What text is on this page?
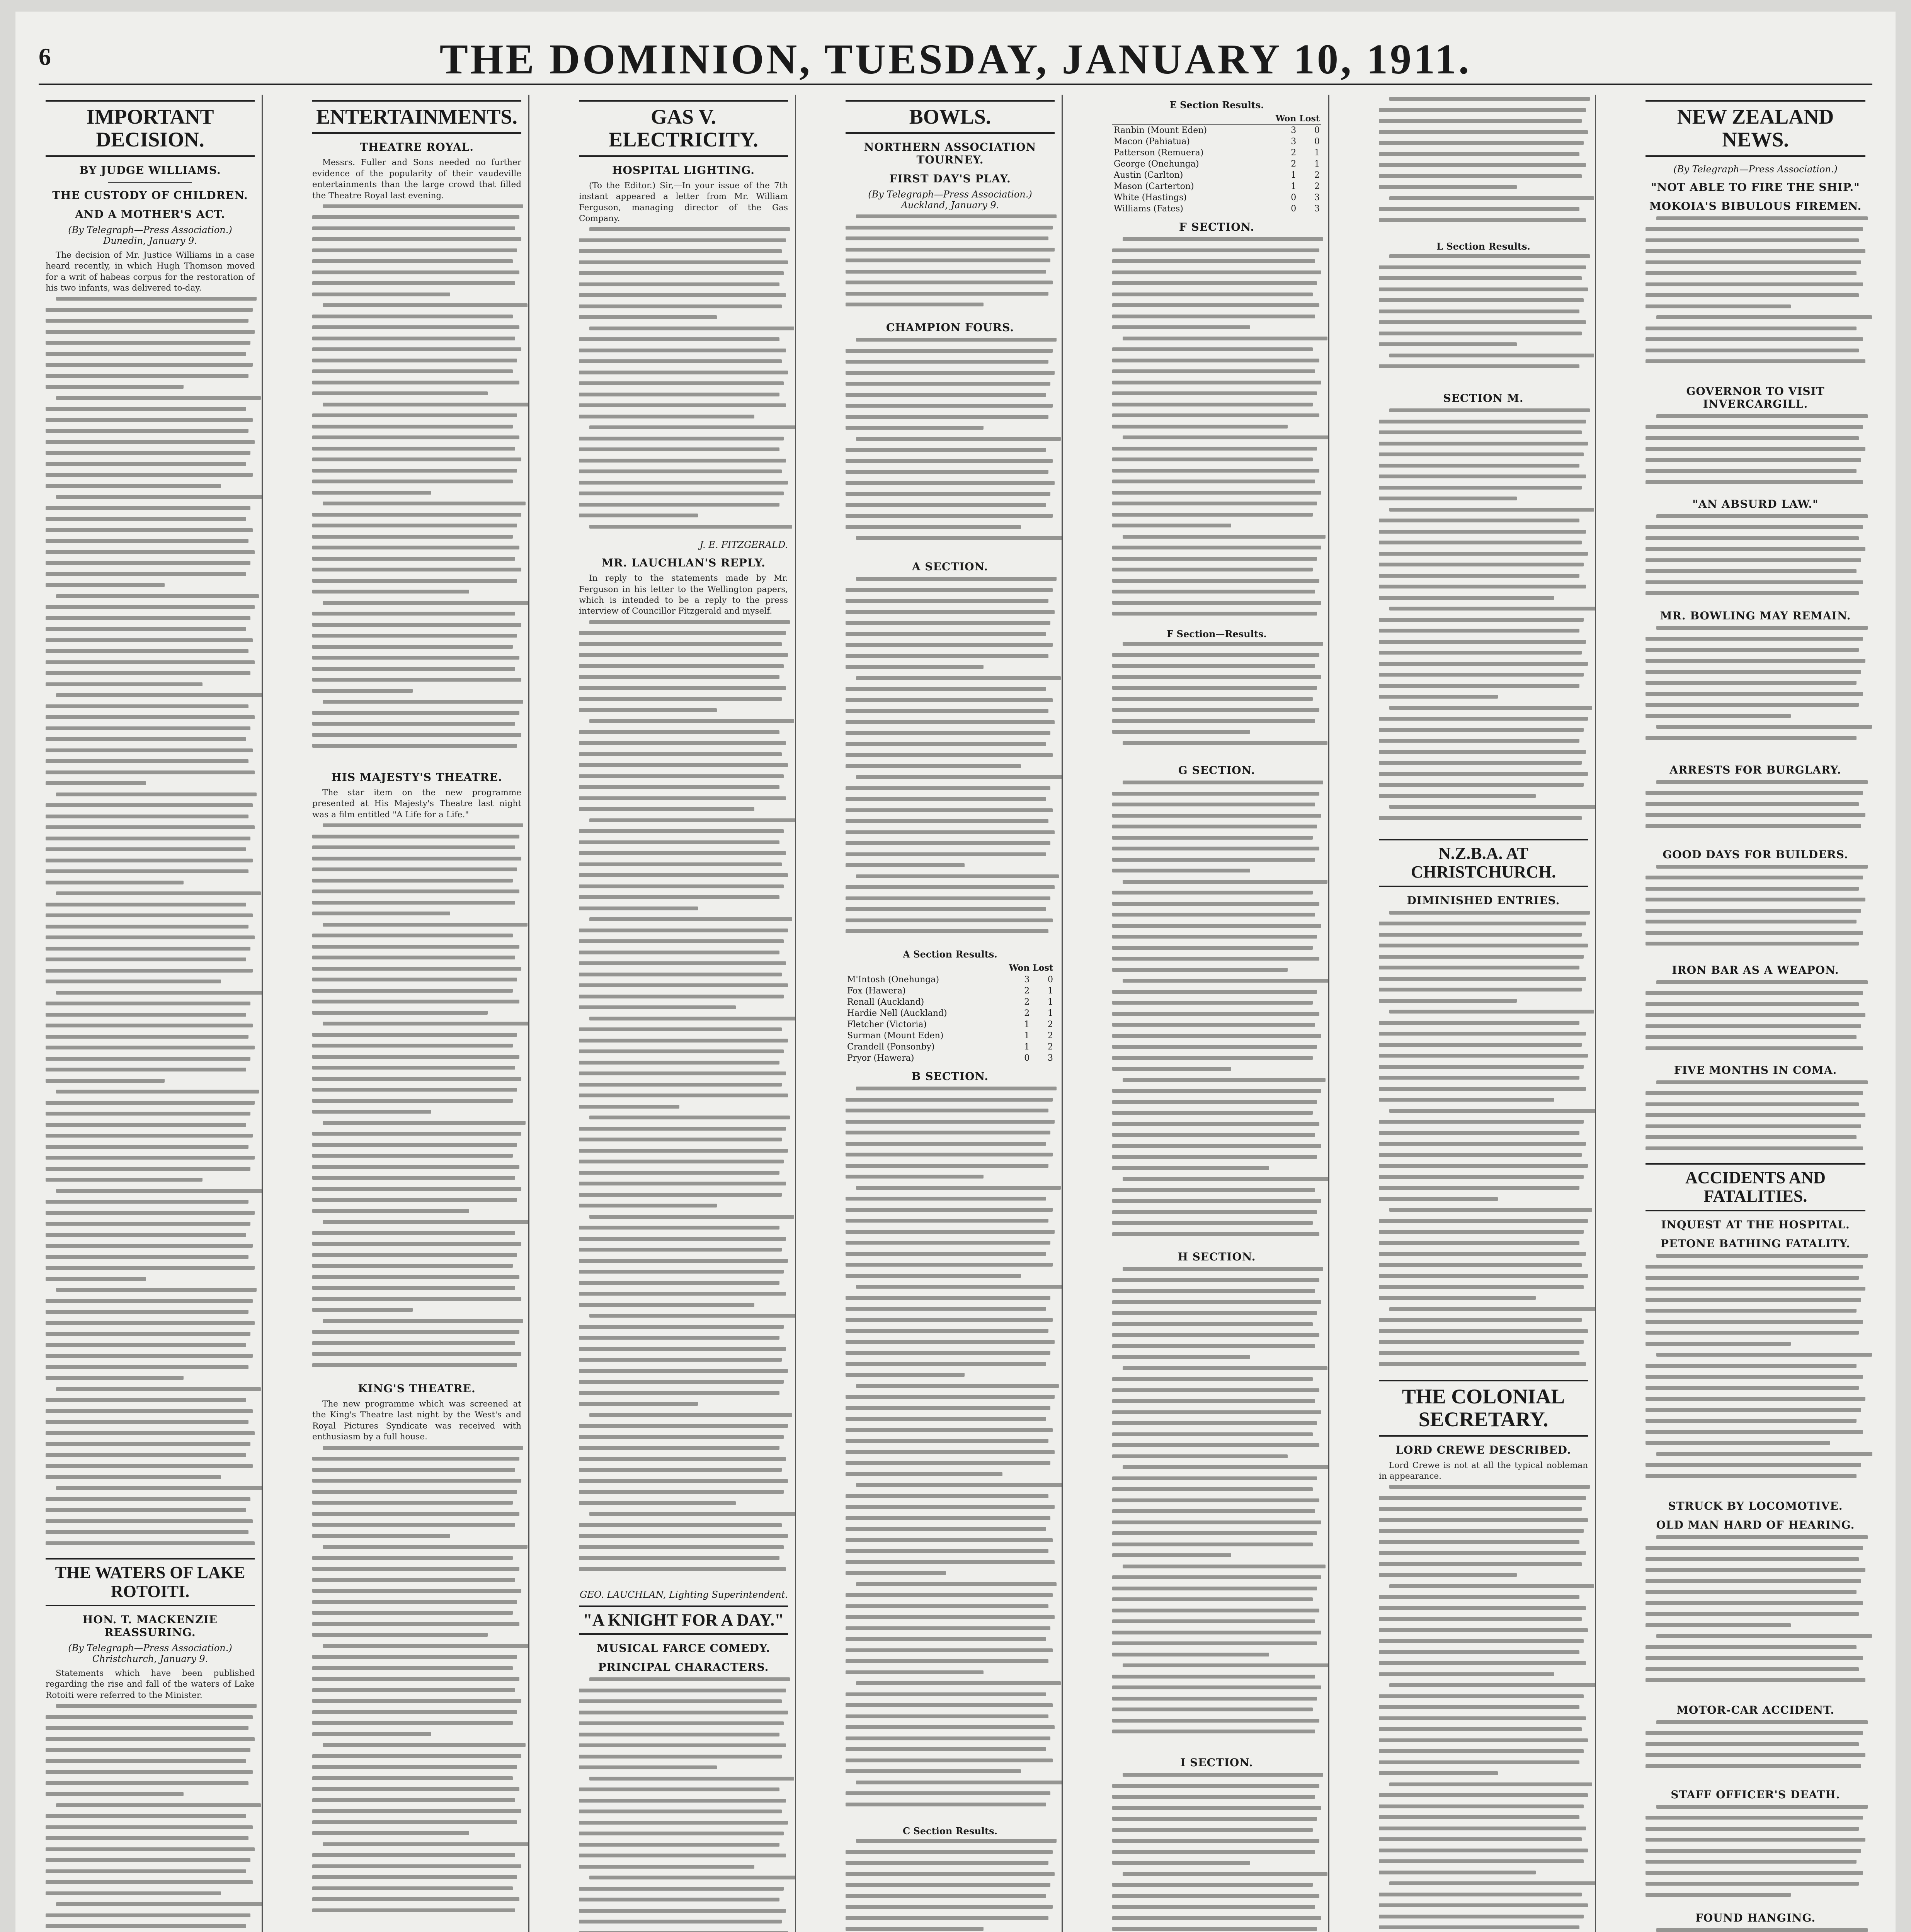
6	THE DOMINION, TUESDAY, JANUARY 10, 1911.
IMPORTANT DECISION.
BY JUDGE WILLIAMS.
THE CUSTODY OF CHILDREN.
AND A MOTHER'S ACT.
(By Telegraph—Press Association.) Dunedin, January 9.

The decision of Mr. Justice Williams in a case heard recently, in which Hugh Thomson moved for a writ of habeas corpus for the restoration of his two infants, was delivered to-day.

THE WATERS OF LAKE ROTOITI.
HON. T. MACKENZIE REASSURING.
(By Telegraph—Press Association.) Christchurch, January 9.

Statements which have been published regarding the rise and fall of the waters of Lake Rotoiti were referred to the Minister.

ENTERTAINMENTS.
THEATRE ROYAL.

Messrs. Fuller and Sons needed no further evidence of the popularity of their vaudeville entertainments than the large crowd that filled the Theatre Royal last evening.

HIS MAJESTY'S THEATRE.

The star item on the new programme presented at His Majesty's Theatre last night was a film entitled "A Life for a Life."

KING'S THEATRE.

The new programme which was screened at the King's Theatre last night by the West's and Royal Pictures Syndicate was received with enthusiasm by a full house.

GAS V. ELECTRICITY.
HOSPITAL LIGHTING.

(To the Editor.) Sir,—In your issue of the 7th instant appeared a letter from Mr. William Ferguson, managing director of the Gas Company.

J. E. FITZGERALD.
MR. LAUCHLAN'S REPLY.

In reply to the statements made by Mr. Ferguson in his letter to the Wellington papers, which is intended to be a reply to the press interview of Councillor Fitzgerald and myself.

GEO. LAUCHLAN, Lighting Superintendent.
"A KNIGHT FOR A DAY."
MUSICAL FARCE COMEDY.
PRINCIPAL CHARACTERS.
BOWLS.
NORTHERN ASSOCIATION TOURNEY.
FIRST DAY'S PLAY.
(By Telegraph—Press Association.) Auckland, January 9.
CHAMPION FOURS.
A SECTION.
A Section Results.
	Won	Lost
M'Intosh (Onehunga)	3	0
Fox (Hawera)	2	1
Renall (Auckland)	2	1
Hardie Nell (Auckland)	2	1
Fletcher (Victoria)	1	2
Surman (Mount Eden)	1	2
Crandell (Ponsonby)	1	2
Pryor (Hawera)	0	3
B SECTION.
C Section Results.
E Section Results.
	Won	Lost
Ranbin (Mount Eden)	3	0
Macon (Pahiatua)	3	0
Patterson (Remuera)	2	1
George (Onehunga)	2	1
Austin (Carlton)	1	2
Mason (Carterton)	1	2
White (Hastings)	0	3
Williams (Fates)	0	3
F SECTION.
F Section—Results.
G SECTION.
H SECTION.
I SECTION.
L Section Results.
SECTION M.
N.Z.B.A. AT CHRISTCHURCH.
DIMINISHED ENTRIES.
THE COLONIAL SECRETARY.
LORD CREWE DESCRIBED.

Lord Crewe is not at all the typical nobleman in appearance.

NEW ZEALAND NEWS.
(By Telegraph—Press Association.)
"NOT ABLE TO FIRE THE SHIP."
MOKOIA'S BIBULOUS FIREMEN.
GOVERNOR TO VISIT INVERCARGILL.
"AN ABSURD LAW."
MR. BOWLING MAY REMAIN.
ARRESTS FOR BURGLARY.
GOOD DAYS FOR BUILDERS.
IRON BAR AS A WEAPON.
FIVE MONTHS IN COMA.
ACCIDENTS AND FATALITIES.
INQUEST AT THE HOSPITAL.
PETONE BATHING FATALITY.
STRUCK BY LOCOMOTIVE.
OLD MAN HARD OF HEARING.
MOTOR-CAR ACCIDENT.
STAFF OFFICER'S DEATH.
FOUND HANGING.
